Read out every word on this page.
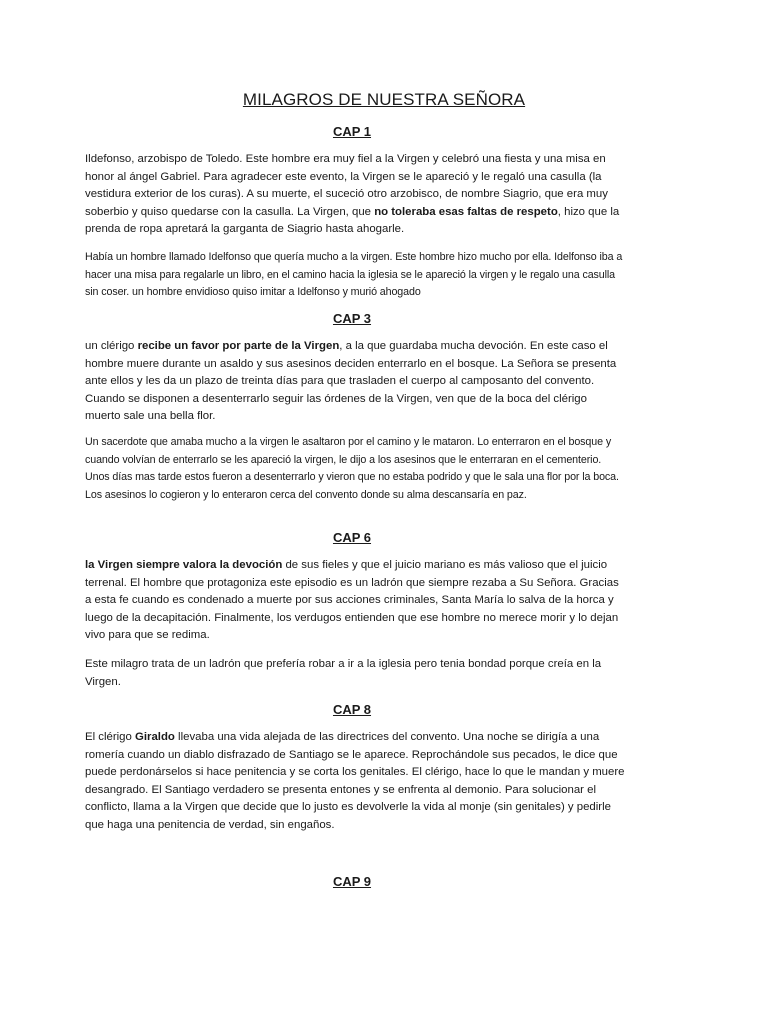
MILAGROS DE NUESTRA SEÑORA
CAP 1
Ildefonso, arzobispo de Toledo. Este hombre era muy fiel a la Virgen y celebró una fiesta y una misa en honor al ángel Gabriel. Para agradecer este evento, la Virgen se le apareció y le regaló una casulla (la vestidura exterior de los curas). A su muerte, el suceció otro arzobisco, de nombre Siagrio, que era muy soberbio y quiso quedarse con la casulla. La Virgen, que no toleraba esas faltas de respeto, hizo que la prenda de ropa apretará la garganta de Siagrio hasta ahogarle.
Había un hombre llamado Idelfonso que quería mucho a la virgen. Este hombre hizo mucho por ella. Idelfonso iba a hacer una misa para regalarle un libro, en el camino hacia la iglesia se le apareció la virgen y le regalo una casulla sin coser. un hombre envidioso quiso imitar a Idelfonso y murió ahogado
CAP 3
un clérigo recibe un favor por parte de la Virgen, a la que guardaba mucha devoción. En este caso el hombre muere durante un asaldo y sus asesinos deciden enterrarlo en el bosque. La Señora se presenta ante ellos y les da un plazo de treinta días para que trasladen el cuerpo al camposanto del convento. Cuando se disponen a desenterrarlo seguir las órdenes de la Virgen, ven que de la boca del clérigo muerto sale una bella flor.
Un sacerdote que amaba mucho a la virgen le asaltaron por el camino y le mataron. Lo enterraron en el bosque y cuando volvían de enterrarlo se les apareció la virgen, le dijo a los asesinos que le enterraran en el cementerio. Unos días mas tarde estos fueron a desenterrarlo y vieron que no estaba podrido y que le sala una flor por la boca. Los asesinos lo cogieron y lo enteraron cerca del convento donde su alma descansaría en paz.
CAP 6
la Virgen siempre valora la devoción de sus fieles y que el juicio mariano es más valioso que el juicio terrenal. El hombre que protagoniza este episodio es un ladrón que siempre rezaba a Su Señora. Gracias a esta fe cuando es condenado a muerte por sus acciones criminales, Santa María lo salva de la horca y luego de la decapitación. Finalmente, los verdugos entienden que ese hombre no merece morir y lo dejan vivo para que se redima.
Este milagro trata de un ladrón que prefería robar a ir a la iglesia pero tenia bondad porque creía en la Virgen.
CAP 8
El clérigo Giraldo llevaba una vida alejada de las directrices del convento. Una noche se dirigía a una romería cuando un diablo disfrazado de Santiago se le aparece. Reprochándole sus pecados, le dice que puede perdonárselos si hace penitencia y se corta los genitales. El clérigo, hace lo que le mandan y muere desangrado. El Santiago verdadero se presenta entones y se enfrenta al demonio. Para solucionar el conflicto, llama a la Virgen que decide que lo justo es devolverle la vida al monje (sin genitales) y pedirle que haga una penitencia de verdad, sin engaños.
CAP 9
